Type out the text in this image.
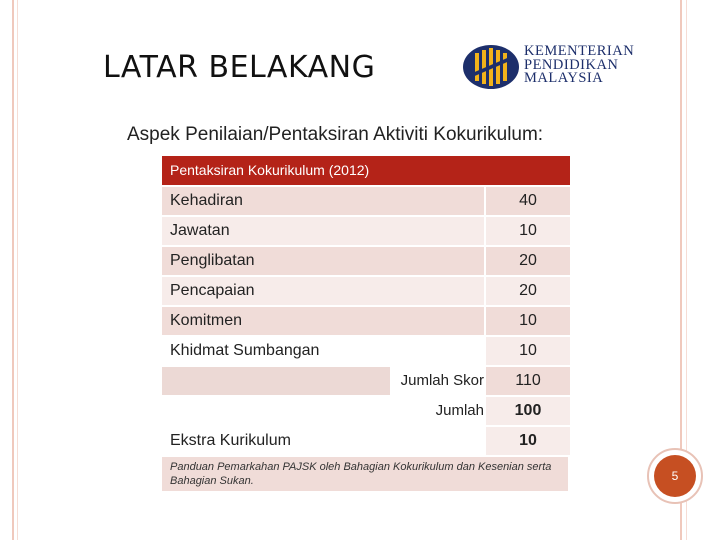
LATAR BELAKANG	KEMENTERIAN
PENDIDIKAN
MALAYSIA
Aspek Penilaian/Pentaksiran Aktiviti Kokurikulum:
Pentaksiran Kokurikulum (2012)
Kehadiran	40
Jawatan	10
Penglibatan	20
Pencapaian	20
Komitmen	10
Khidmat Sumbangan	10
Jumlah Skor	110
Jumlah	100
Ekstra Kurikulum	10
Panduan Pemarkahan PAJSK oleh Bahagian Kokurikulum dan Kesenian serta Bahagian Sukan.	5
